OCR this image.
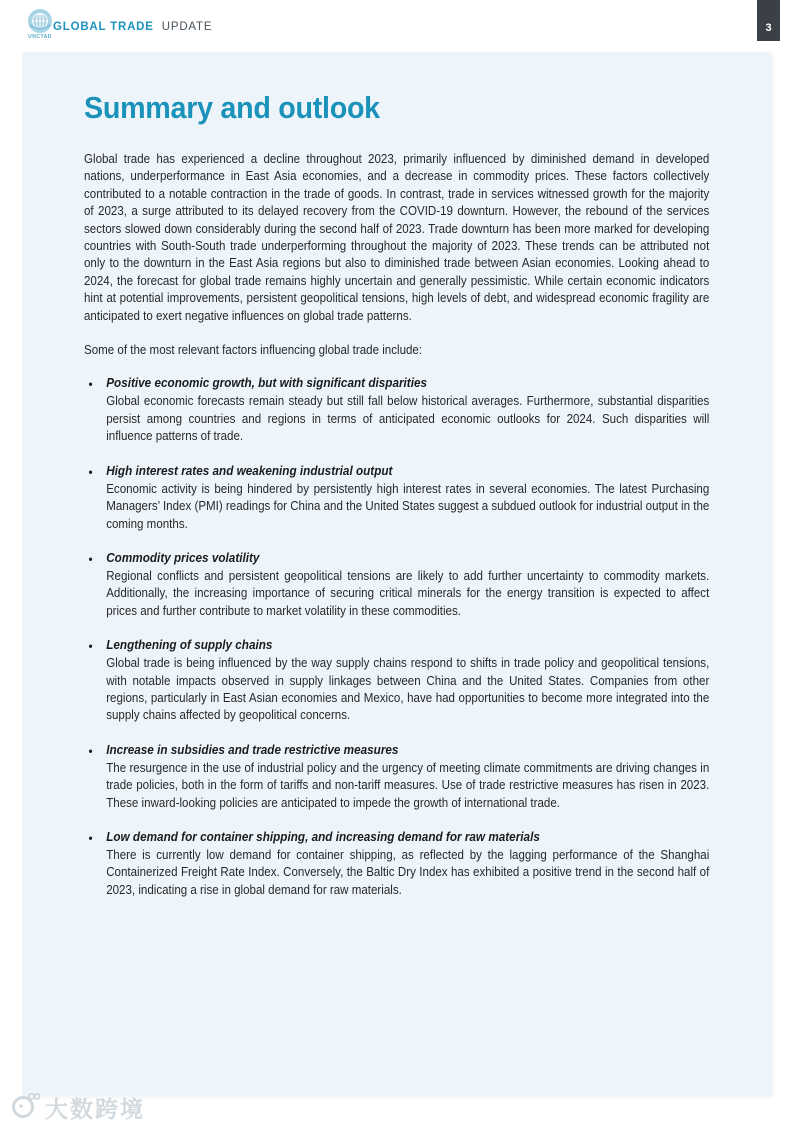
UNCTAD
GLOBAL TRADE UPDATE	3
Summary and outlook

Global trade has experienced a decline throughout 2023, primarily influenced by diminished demand in developed nations, underperformance in East Asia economies, and a decrease in commodity prices. These factors collectively contributed to a notable contraction in the trade of goods. In contrast, trade in services witnessed growth for the majority of 2023, a surge attributed to its delayed recovery from the COVID-19 downturn. However, the rebound of the services sectors slowed down considerably during the second half of 2023. Trade downturn has been more marked for developing countries with South-South trade underperforming throughout the majority of 2023. These trends can be attributed not only to the downturn in the East Asia regions but also to diminished trade between Asian economies. Looking ahead to 2024, the forecast for global trade remains highly uncertain and generally pessimistic. While certain economic indicators hint at potential improvements, persistent geopolitical tensions, high levels of debt, and widespread economic fragility are anticipated to exert negative influences on global trade patterns.

Some of the most relevant factors influencing global trade include:

•
Positive economic growth, but with significant disparities

Global economic forecasts remain steady but still fall below historical averages. Furthermore, substantial disparities persist among countries and regions in terms of anticipated economic outlooks for 2024. Such disparities will influence patterns of trade.

•
High interest rates and weakening industrial output

Economic activity is being hindered by persistently high interest rates in several economies. The latest Purchasing Managers’ Index (PMI) readings for China and the United States suggest a subdued outlook for industrial output in the coming months.

•
Commodity prices volatility

Regional conflicts and persistent geopolitical tensions are likely to add further uncertainty to commodity markets. Additionally, the increasing importance of securing critical minerals for the energy transition is expected to affect prices and further contribute to market volatility in these commodities.

•
Lengthening of supply chains

Global trade is being influenced by the way supply chains respond to shifts in trade policy and geopolitical tensions, with notable impacts observed in supply linkages between China and the United States. Companies from other regions, particularly in East Asian economies and Mexico, have had opportunities to become more integrated into the supply chains affected by geopolitical concerns.

•
Increase in subsidies and trade restrictive measures

The resurgence in the use of industrial policy and the urgency of meeting climate commitments are driving changes in trade policies, both in the form of tariffs and non-tariff measures. Use of trade restrictive measures has risen in 2023. These inward-looking policies are anticipated to impede the growth of international trade.

•
Low demand for container shipping, and increasing demand for raw materials

There is currently low demand for container shipping, as reflected by the lagging performance of the Shanghai Containerized Freight Rate Index. Conversely, the Baltic Dry Index has exhibited a positive trend in the second half of 2023, indicating a rise in global demand for raw materials.

大数跨境
